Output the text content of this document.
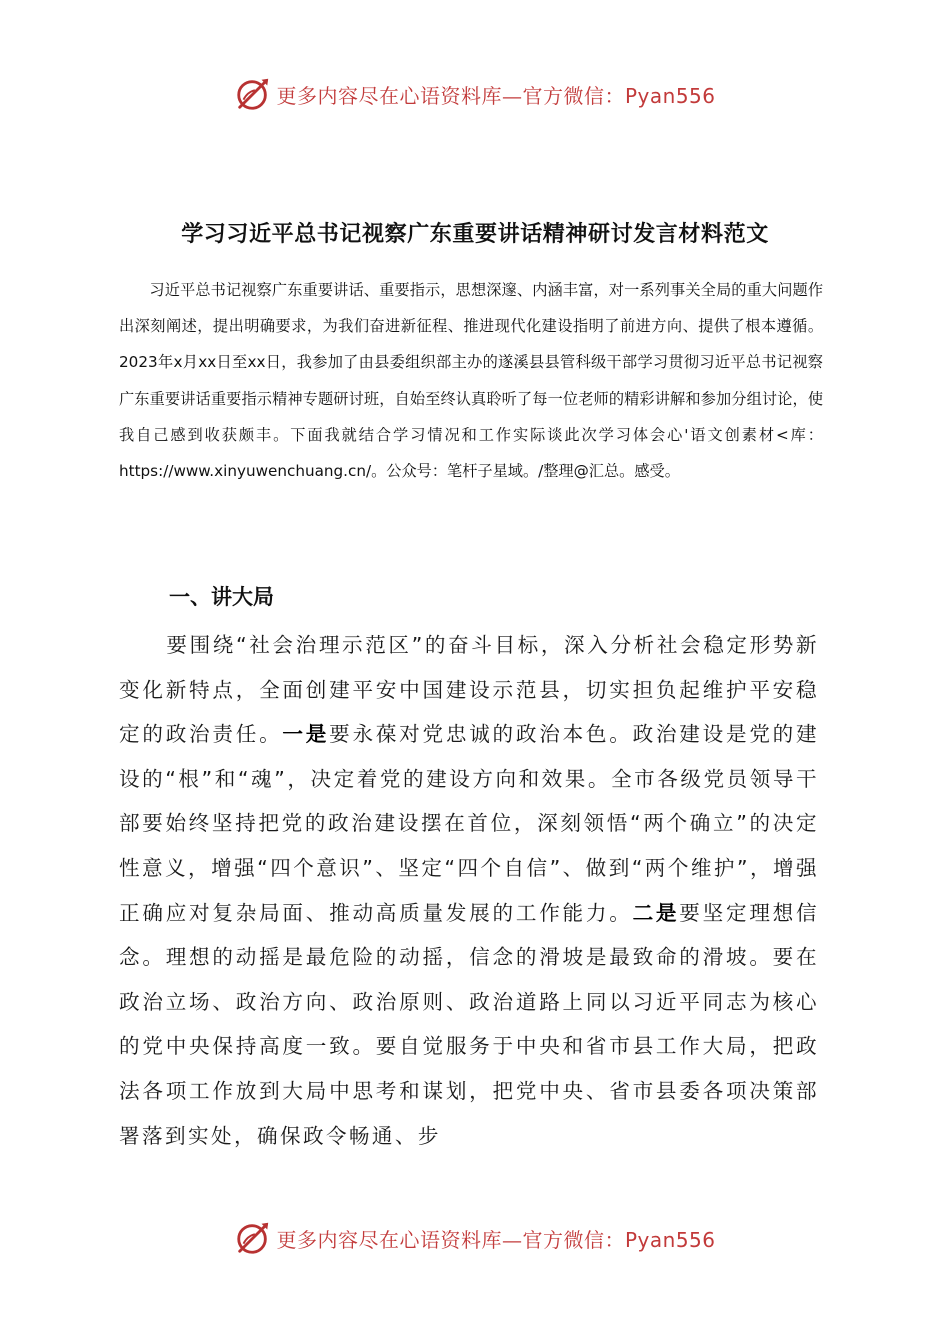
更多内容尽在心语资料库—官方微信：Pyan556
学习习近平总书记视察广东重要讲话精神研讨发言材料范文

习近平总书记视察广东重要讲话、重要指示，思想深邃、内涵丰富，对一系列事关全局的重大问题作出深刻阐述，提出明确要求，为我们奋进新征程、推进现代化建设指明了前进方向、提供了根本遵循。2023年x月xx日至xx日，我参加了由县委组织部主办的遂溪县县管科级干部学习贯彻习近平总书记视察广东重要讲话重要指示精神专题研讨班，自始至终认真聆听了每一位老师的精彩讲解和参加分组讨论，使我自己感到收获颇丰。下面我就结合学习情况和工作实际谈此次学习体会心'语文创素材<库：https://www.xinyuwenchuang.cn/。公众号：笔杆子星域。/整理@汇总。感受。

一、讲大局

要围绕“社会治理示范区”的奋斗目标，深入分析社会稳定形势新变化新特点，全面创建平安中国建设示范县，切实担负起维护平安稳定的政治责任。一是要永葆对党忠诚的政治本色。政治建设是党的建设的“根”和“魂”，决定着党的建设方向和效果。全市各级党员领导干部要始终坚持把党的政治建设摆在首位，深刻领悟“两个确立”的决定性意义，增强“四个意识”、坚定“四个自信”、做到“两个维护”，增强正确应对复杂局面、推动高质量发展的工作能力。二是要坚定理想信念。理想的动摇是最危险的动摇，信念的滑坡是最致命的滑坡。要在政治立场、政治方向、政治原则、政治道路上同以习近平同志为核心的党中央保持高度一致。要自觉服务于中央和省市县工作大局，把政法各项工作放到大局中思考和谋划，把党中央、省市县委各项决策部署落到实处，确保政令畅通、步

更多内容尽在心语资料库—官方微信：Pyan556
